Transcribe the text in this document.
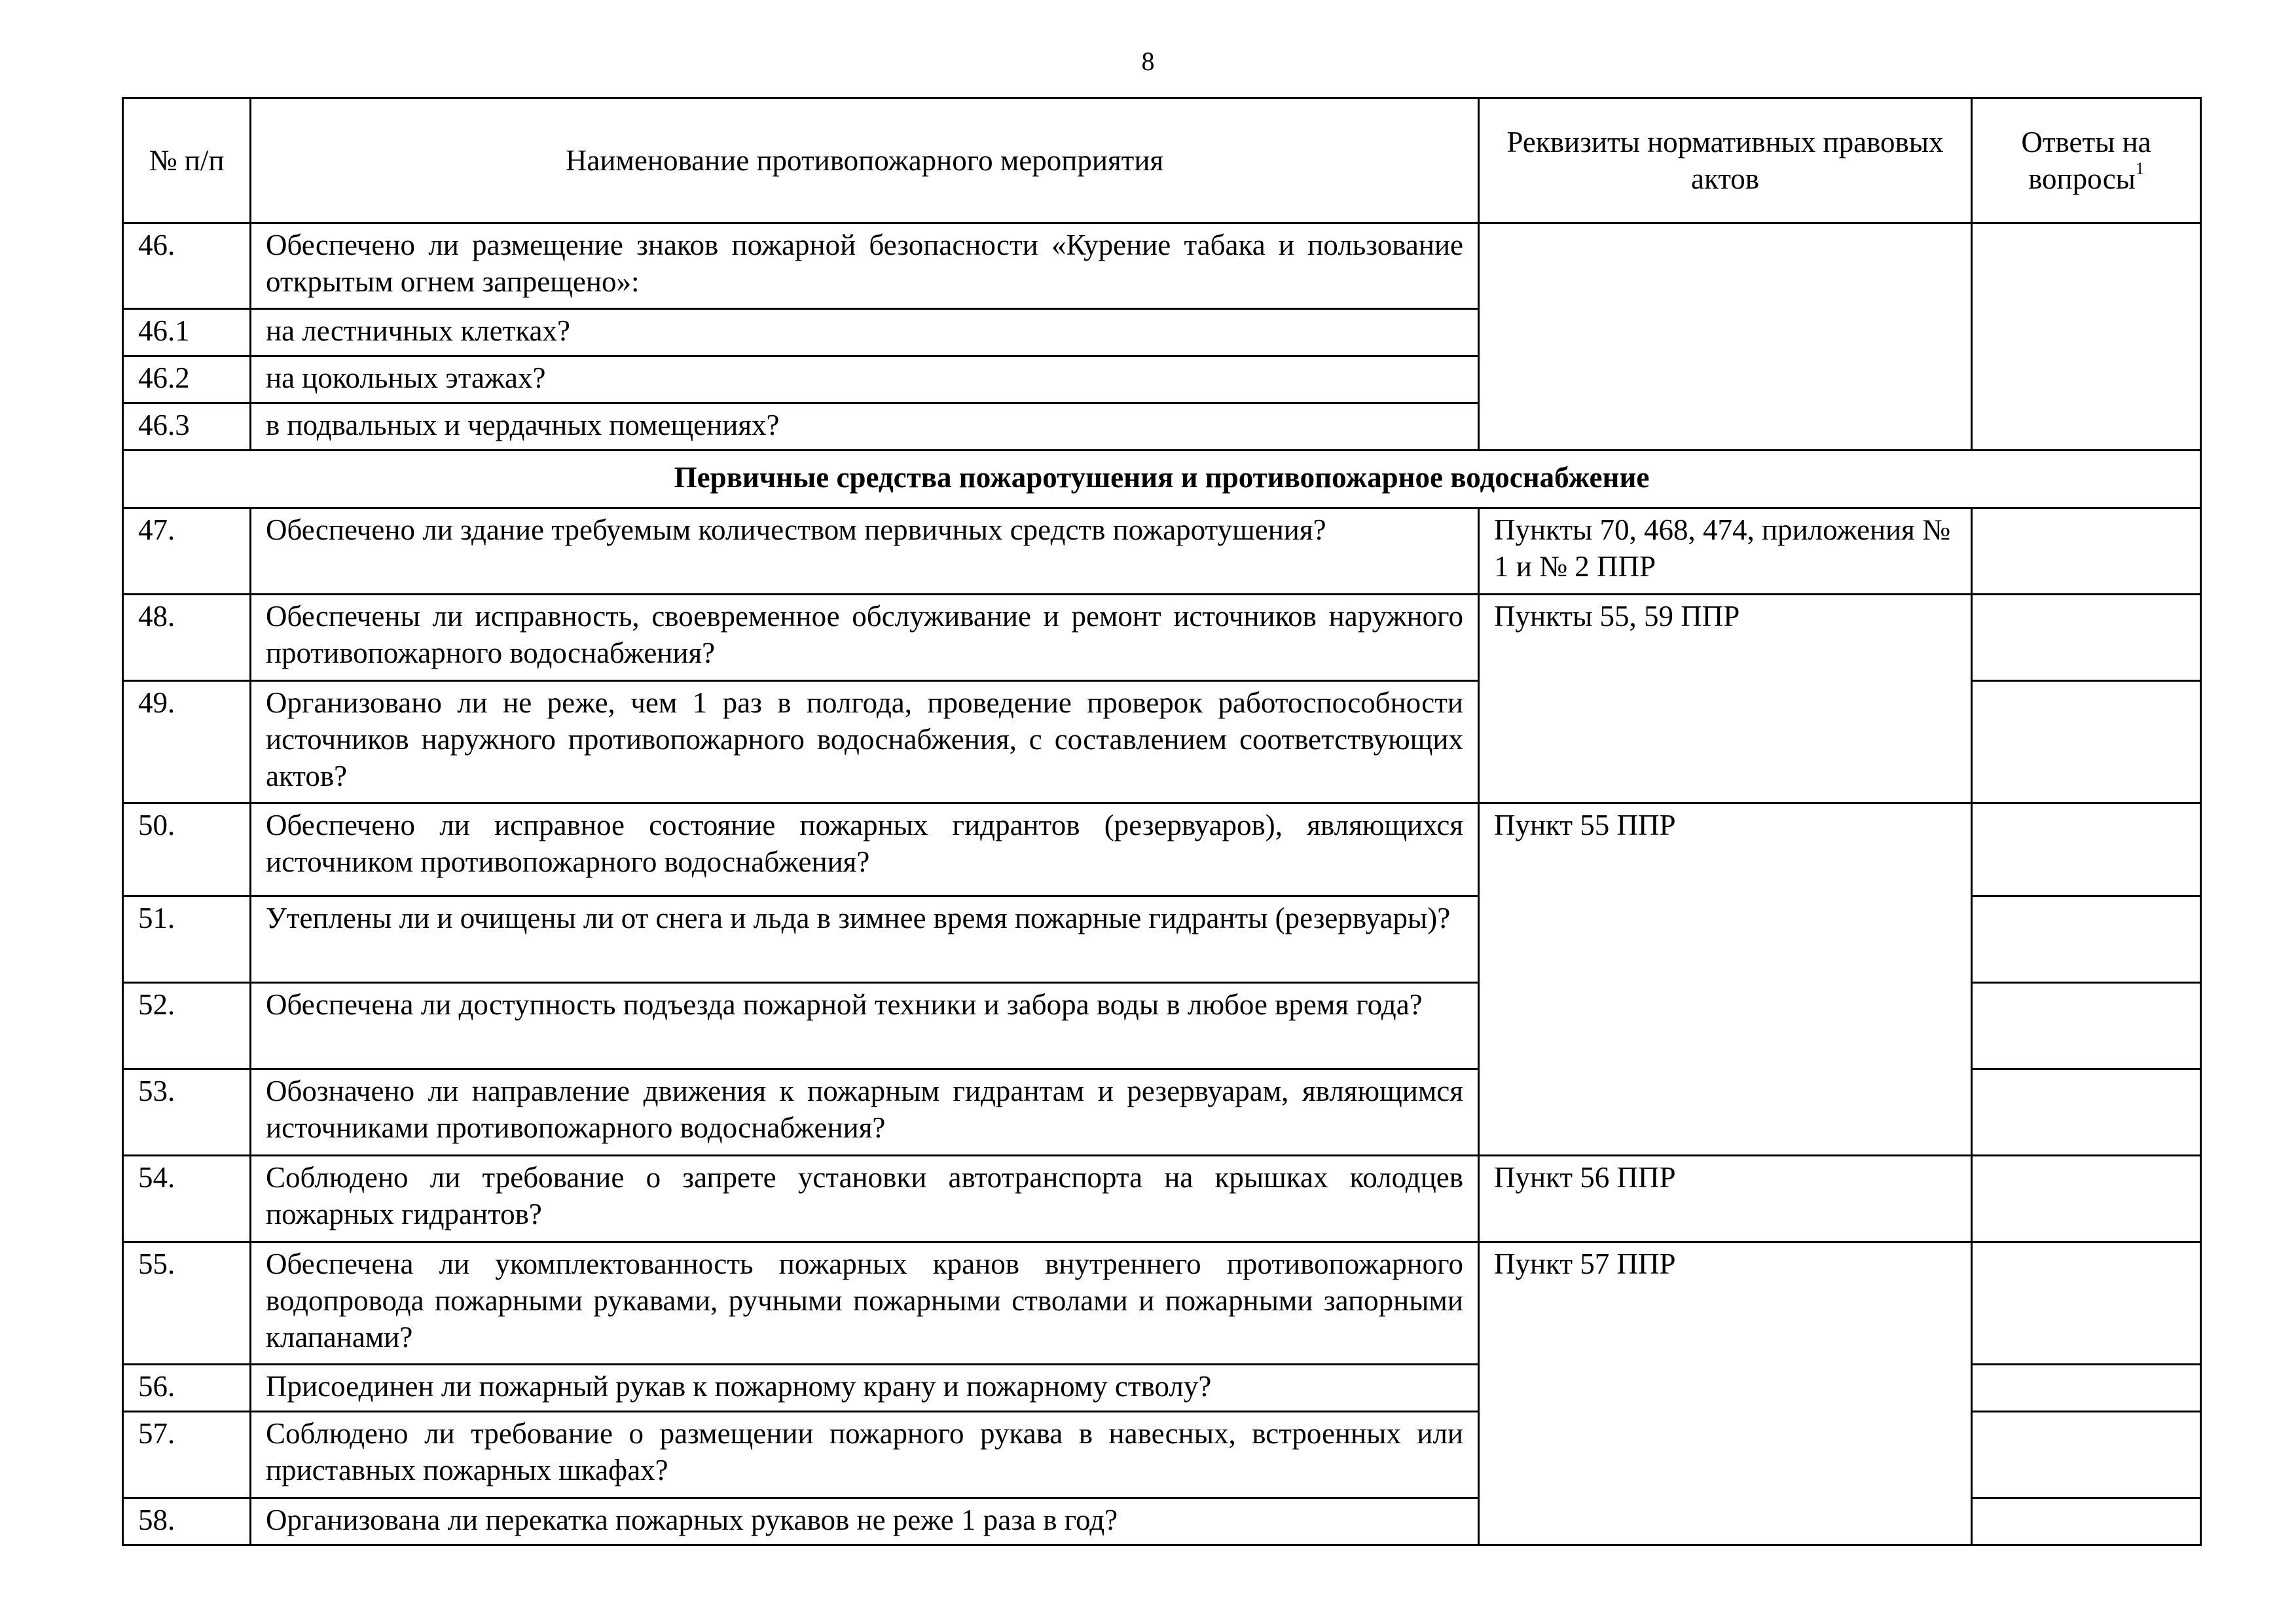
8
№ п/п	Наименование противопожарного мероприятия	Реквизиты нормативных правовых актов	Ответы на вопросы$^1$
46.	Обеспечено ли размещение знаков пожарной безопасности «Курение табака и пользование открытым огнем запрещено»:		
46.1	на лестничных клетках?		
46.2	на цокольных этажах?		
46.3	в подвальных и чердачных помещениях?		
Первичные средства пожаротушения и противопожарное водоснабжение			
47.	Обеспечено ли здание требуемым количеством первичных средств пожаротушения?	Пункты 70, 468, 474, приложения № 1 и № 2 ППР	
48.	Обеспечены ли исправность, своевременное обслуживание и ремонт источников наружного противопожарного водоснабжения?	Пункты 55, 59 ППР	
49.	Организовано ли не реже, чем 1 раз в полгода, проведение проверок работоспособности источников наружного противопожарного водоснабжения, с составлением соответствующих актов?		
50.	Обеспечено ли исправное состояние пожарных гидрантов (резервуаров), являющихся источником противопожарного водоснабжения?	Пункт 55 ППР	
51.	Утеплены ли и очищены ли от снега и льда в зимнее время пожарные гидранты (резервуары)?		
52.	Обеспечена ли доступность подъезда пожарной техники и забора воды в любое время года?		
53.	Обозначено ли направление движения к пожарным гидрантам и резервуарам, являющимся источниками противопожарного водоснабжения?		
54.	Соблюдено ли требование о запрете установки автотранспорта на крышках колодцев пожарных гидрантов?	Пункт 56 ППР	
55.	Обеспечена ли укомплектованность пожарных кранов внутреннего противопожарного водопровода пожарными рукавами, ручными пожарными стволами и пожарными запорными клапанами?	Пункт 57 ППР	
56.	Присоединен ли пожарный рукав к пожарному крану и пожарному стволу?		
57.	Соблюдено ли требование о размещении пожарного рукава в навесных, встроенных или приставных пожарных шкафах?		
58.	Организована ли перекатка пожарных рукавов не реже 1 раза в год?		
